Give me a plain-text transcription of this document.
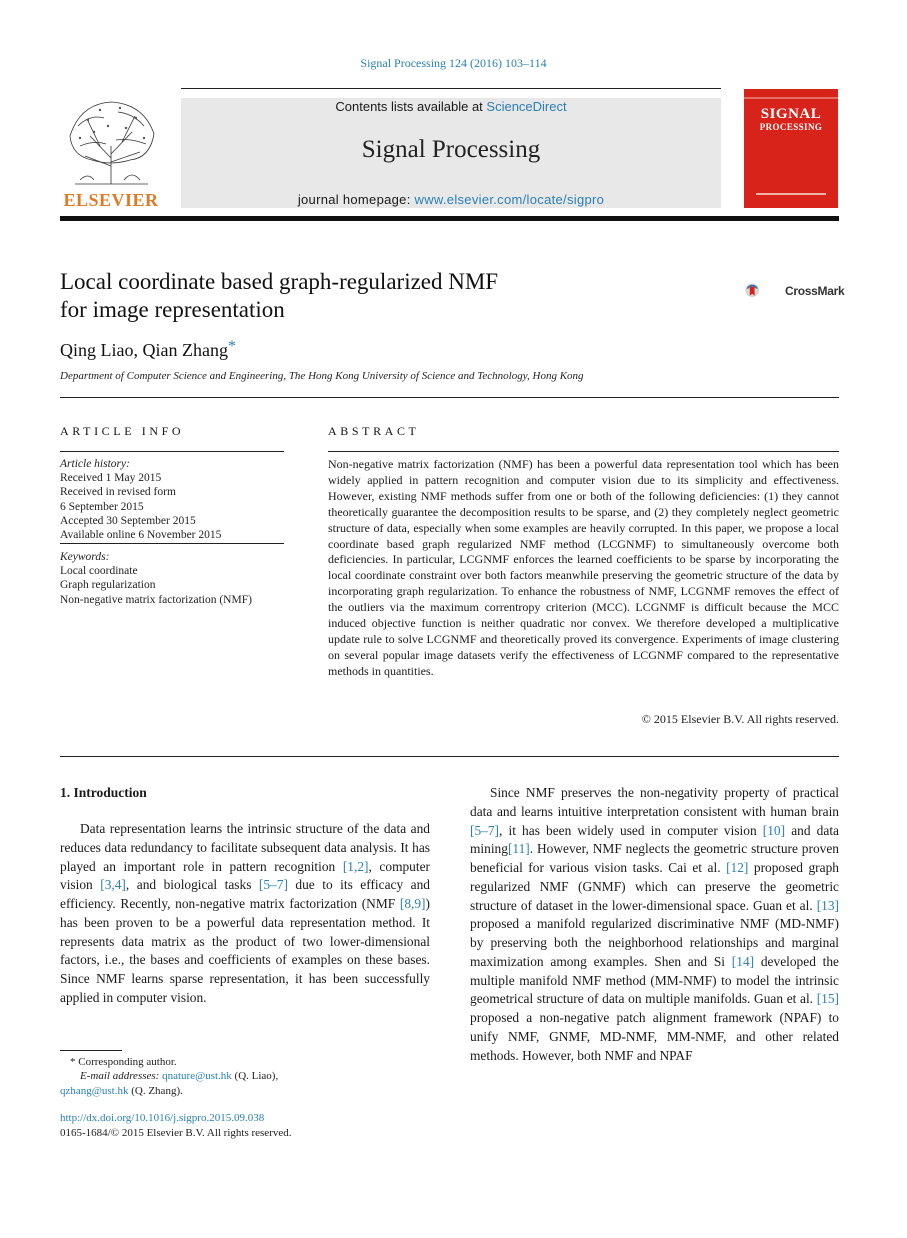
Signal Processing 124 (2016) 103–114
ELSEVIER
Contents lists available at ScienceDirect
Signal Processing
journal homepage: www.elsevier.com/locate/sigpro
SIGNAL
PROCESSING
Local coordinate based graph-regularized NMF
for image representation
CrossMark
Qing Liao, Qian Zhang*
Department of Computer Science and Engineering, The Hong Kong University of Science and Technology, Hong Kong
ARTICLE INFO
Article history:
Received 1 May 2015
Received in revised form
6 September 2015
Accepted 30 September 2015
Available online 6 November 2015
Keywords:
Local coordinate
Graph regularization
Non-negative matrix factorization (NMF)
ABSTRACT
Non-negative matrix factorization (NMF) has been a powerful data representation tool which has been widely applied in pattern recognition and computer vision due to its simplicity and effectiveness. However, existing NMF methods suffer from one or both of the following deficiencies: (1) they cannot theoretically guarantee the decomposition results to be sparse, and (2) they completely neglect geometric structure of data, especially when some examples are heavily corrupted. In this paper, we propose a local coordinate based graph regularized NMF method (LCGNMF) to simultaneously overcome both deficiencies. In particular, LCGNMF enforces the learned coefficients to be sparse by incorporating the local coordinate constraint over both factors meanwhile preserving the geometric structure of the data by incorporating graph regularization. To enhance the robustness of NMF, LCGNMF removes the effect of the outliers via the maximum correntropy criterion (MCC). LCGNMF is difficult because the MCC induced objective function is neither quadratic nor convex. We therefore developed a multiplicative update rule to solve LCGNMF and theoretically proved its convergence. Experiments of image clustering on several popular image datasets verify the effectiveness of LCGNMF compared to the representative methods in quantities.
© 2015 Elsevier B.V. All rights reserved.
1. Introduction

Data representation learns the intrinsic structure of the data and reduces data redundancy to facilitate subsequent data analysis. It has played an important role in pattern recognition [1,2], computer vision [3,4], and biological tasks [5–7] due to its efficacy and efficiency. Recently, non-negative matrix factorization (NMF [8,9]) has been proven to be a powerful data representation method. It represents data matrix as the product of two lower-dimensional factors, i.e., the bases and coefficients of examples on these bases. Since NMF learns sparse representation, it has been successfully applied in computer vision.

Since NMF preserves the non-negativity property of practical data and learns intuitive interpretation consistent with human brain [5–7], it has been widely used in computer vision [10] and data mining[11]. However, NMF neglects the geometric structure proven beneficial for various vision tasks. Cai et al. [12] proposed graph regularized NMF (GNMF) which can preserve the geometric structure of dataset in the lower-dimensional space. Guan et al. [13] proposed a manifold regularized discriminative NMF (MD-NMF) by preserving both the neighborhood relationships and marginal maximization among examples. Shen and Si [14] developed the multiple manifold NMF method (MM-NMF) to model the intrinsic geometrical structure of data on multiple manifolds. Guan et al. [15] proposed a non-negative patch alignment framework (NPAF) to unify NMF, GNMF, MD-NMF, MM-NMF, and other related methods. However, both NMF and NPAF

* Corresponding author.
E-mail addresses: qnature@ust.hk (Q. Liao),
qzhang@ust.hk (Q. Zhang).
http://dx.doi.org/10.1016/j.sigpro.2015.09.038
0165-1684/© 2015 Elsevier B.V. All rights reserved.
